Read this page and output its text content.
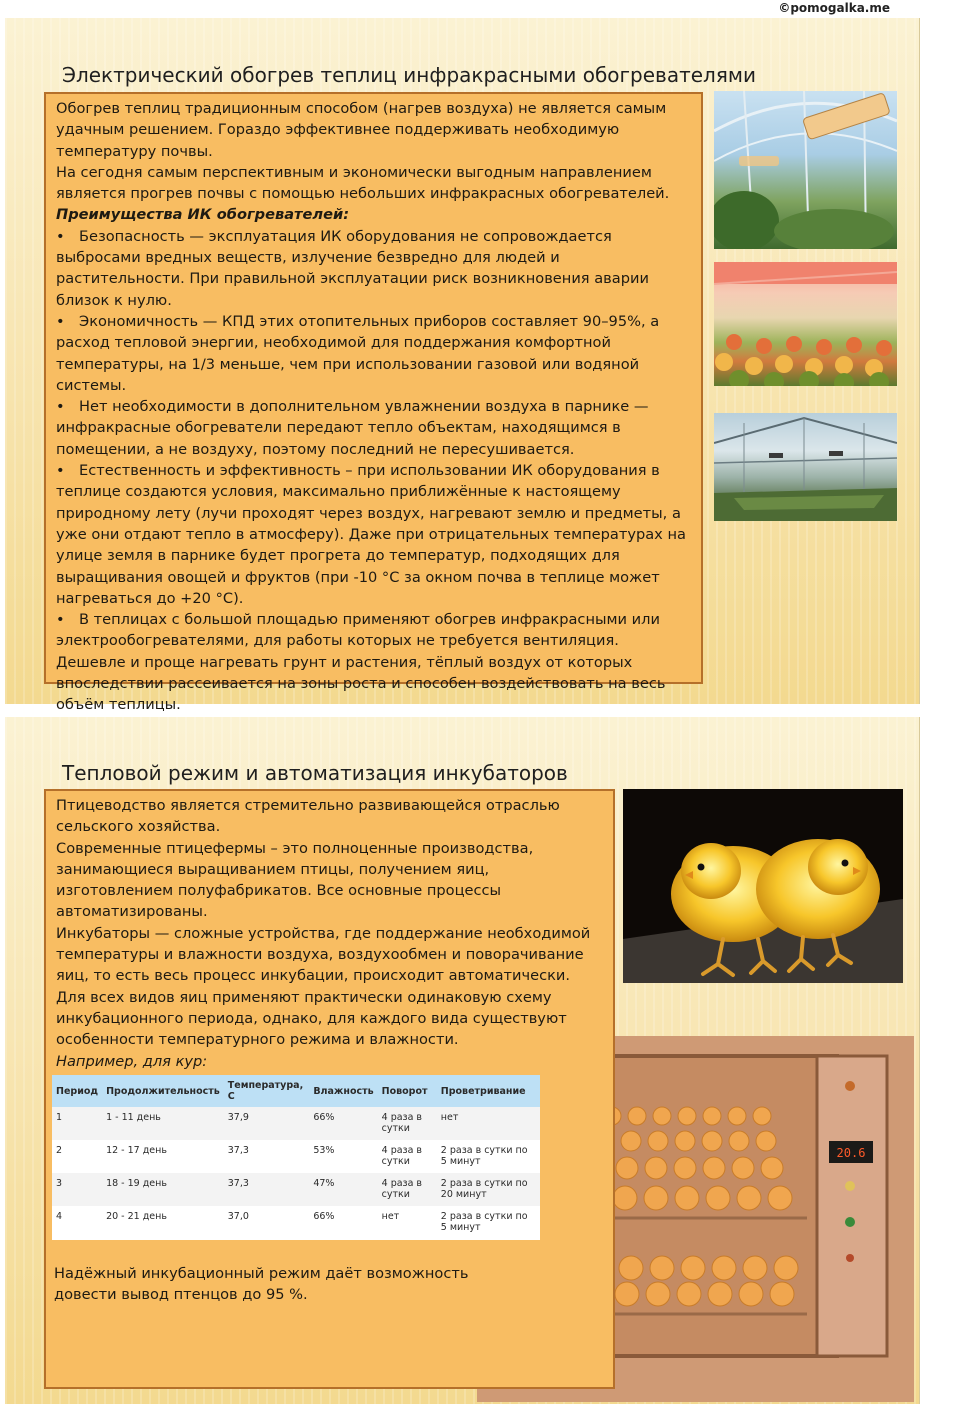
©pomogalka.me
Электрический обогрев теплиц инфракрасными обогревателями

Обогрев теплиц традиционным способом (нагрев воздуха) не является самым удачным решением. Гораздо эффективнее поддерживать необходимую температуру почвы.

На сегодня самым перспективным и экономически выгодным направлением является прогрев почвы с помощью небольших инфракрасных обогревателей.

Преимущества ИК обогревателей:

• Безопасность — эксплуатация ИК оборудования не сопровождается выбросами вредных веществ, излучение безвредно для людей и растительности. При правильной эксплуатации риск возникновения аварии близок к нулю.

• Экономичность — КПД этих отопительных приборов составляет 90–95%, а расход тепловой энергии, необходимой для поддержания комфортной температуры, на 1/3 меньше, чем при использовании газовой или водяной системы.

• Нет необходимости в дополнительном увлажнении воздуха в парнике — инфракрасные обогреватели передают тепло объектам, находящимся в помещении, а не воздуху, поэтому последний не пересушивается.

• Естественность и эффективность – при использовании ИК оборудования в теплице создаются условия, максимально приближённые к настоящему природному лету (лучи проходят через воздух, нагревают землю и предметы, а уже они отдают тепло в атмосферу). Даже при отрицательных температурах на улице земля в парнике будет прогрета до температур, подходящих для выращивания овощей и фруктов (при -10 °C за окном почва в теплице может нагреваться до +20 °C).

• В теплицах с большой площадью применяют обогрев инфракрасными или электрообогревателями, для работы которых не требуется вентиляция. Дешевле и проще нагревать грунт и растения, тёплый воздух от которых впоследствии рассеивается на зоны роста и способен воздействовать на весь объём теплицы.

Тепловой режим и автоматизация инкубаторов
20.6

Птицеводство является стремительно развивающейся отраслью сельского хозяйства.

Современные птицефермы – это полноценные производства, занимающиеся выращиванием птицы, получением яиц, изготовлением полуфабрикатов. Все основные процессы автоматизированы.

Инкубаторы — сложные устройства, где поддержание необходимой температуры и влажности воздуха, воздухообмен и поворачивание яиц, то есть весь процесс инкубации, происходит автоматически.

Для всех видов яиц применяют практически одинаковую схему инкубационного периода, однако, для каждого вида существуют особенности температурного режима и влажности.

Например, для кур:

Период	Продолжительность	Температура, С	Влажность	Поворот	Проветривание
1	1 - 11 день	37,9	66%	4 раза в сутки	нет
2	12 - 17 день	37,3	53%	4 раза в сутки	2 раза в сутки по 5 минут
3	18 - 19 день	37,3	47%	4 раза в сутки	2 раза в сутки по 20 минут
4	20 - 21 день	37,0	66%	нет	2 раза в сутки по 5 минут

Надёжный инкубационный режим даёт возможность довести вывод птенцов до 95 %.
